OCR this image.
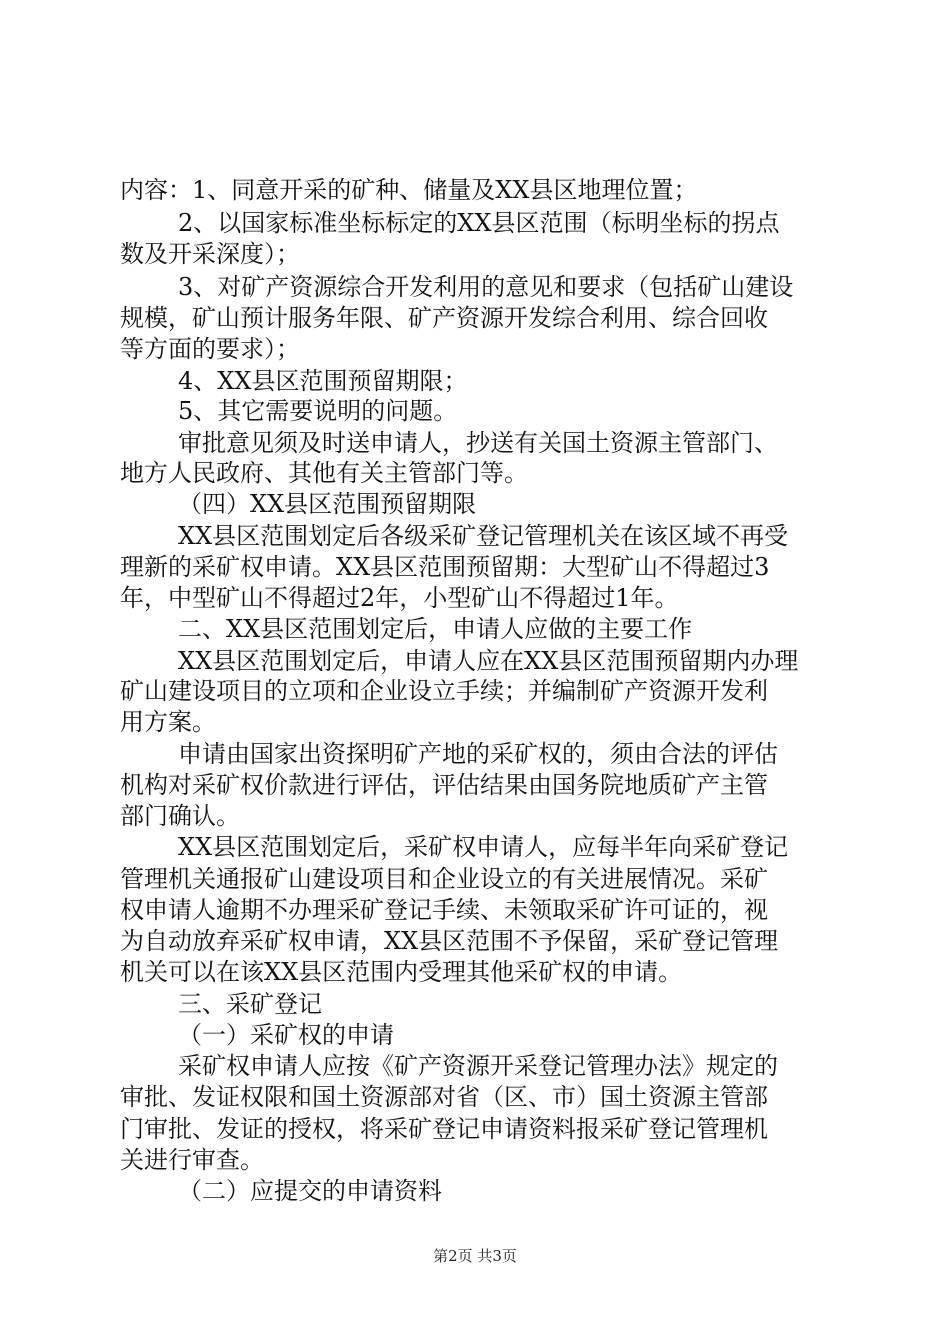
内容：1、同意开采的矿种、储量及XX县区地理位置；
2、以国家标准坐标标定的XX县区范围（标明坐标的拐点
数及开采深度）；
3、对矿产资源综合开发利用的意见和要求（包括矿山建设
规模，矿山预计服务年限、矿产资源开发综合利用、综合回收
等方面的要求）；
4、XX县区范围预留期限；
5、其它需要说明的问题。
审批意见须及时送申请人，抄送有关国土资源主管部门、
地方人民政府、其他有关主管部门等。
（四）XX县区范围预留期限
XX县区范围划定后各级采矿登记管理机关在该区域不再受
理新的采矿权申请。XX县区范围预留期：大型矿山不得超过3
年，中型矿山不得超过2年，小型矿山不得超过1年。
二、XX县区范围划定后，申请人应做的主要工作
XX县区范围划定后，申请人应在XX县区范围预留期内办理
矿山建设项目的立项和企业设立手续；并编制矿产资源开发利
用方案。
申请由国家出资探明矿产地的采矿权的，须由合法的评估
机构对采矿权价款进行评估，评估结果由国务院地质矿产主管
部门确认。
XX县区范围划定后，采矿权申请人，应每半年向采矿登记
管理机关通报矿山建设项目和企业设立的有关进展情况。采矿
权申请人逾期不办理采矿登记手续、未领取采矿许可证的，视
为自动放弃采矿权申请，XX县区范围不予保留，采矿登记管理
机关可以在该XX县区范围内受理其他采矿权的申请。
三、采矿登记
（一）采矿权的申请
采矿权申请人应按《矿产资源开采登记管理办法》规定的
审批、发证权限和国土资源部对省（区、市）国土资源主管部
门审批、发证的授权，将采矿登记申请资料报采矿登记管理机
关进行审查。
（二）应提交的申请资料
第2页 共3页
